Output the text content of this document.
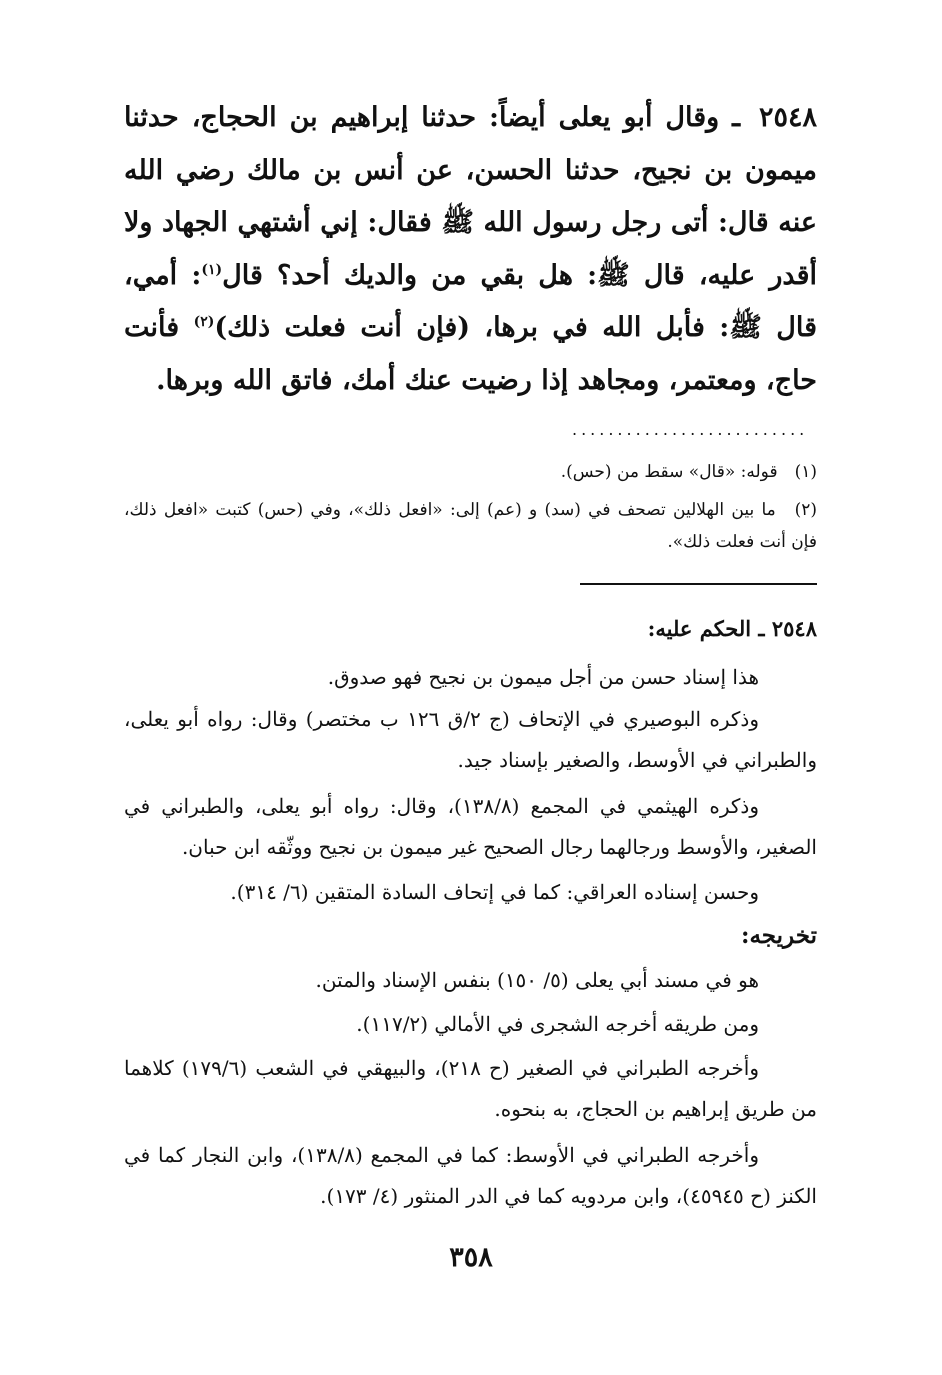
٢٥٤٨ ـ وقال أبو يعلى أيضاً: حدثنا إبراهيم بن الحجاج، حدثنا ميمون بن نجيح، حدثنا الحسن، عن أنس بن مالك رضي الله عنه قال: أتى رجل رسول الله ﷺ فقال: إني أشتهي الجهاد ولا أقدر عليه، قال ﷺ: هل بقي من والديك أحد؟ قال$^{(١)}$: أمي، قال ﷺ: فأبل الله في برها، (فإن أنت فعلت ذلك)$^{(٢)}$ فأنت حاج، ومعتمر، ومجاهد إذا رضيت عنك أمك، فاتق الله وبرها.
..........................
(١) قوله: «قال» سقط من (حس).
(٢) ما بين الهلالين تصحف في (سد) و (عم) إلى: «افعل ذلك»، وفي (حس) كتبت «افعل ذلك، فإن أنت فعلت ذلك».
٢٥٤٨ ـ الحكم عليه:
هذا إسناد حسن من أجل ميمون بن نجيح فهو صدوق.
وذكره البوصيري في الإتحاف (ج ٢/ق ١٢٦ ب مختصر) وقال: رواه أبو يعلى، والطبراني في الأوسط، والصغير بإسناد جيد.
وذكره الهيثمي في المجمع (١٣٨/٨)، وقال: رواه أبو يعلى، والطبراني في الصغير، والأوسط ورجالهما رجال الصحيح غير ميمون بن نجيح ووثّقه ابن حبان.
وحسن إسناده العراقي: كما في إتحاف السادة المتقين (٦/ ٣١٤).
تخريجه:
هو في مسند أبي يعلى (٥/ ١٥٠) بنفس الإسناد والمتن.
ومن طريقه أخرجه الشجرى في الأمالي (١١٧/٢).
وأخرجه الطبراني في الصغير (ح ٢١٨)، والبيهقي في الشعب (١٧٩/٦) كلاهما من طريق إبراهيم بن الحجاج، به بنحوه.
وأخرجه الطبراني في الأوسط: كما في المجمع (١٣٨/٨)، وابن النجار كما في الكنز (ح ٤٥٩٤٥)، وابن مردويه كما في الدر المنثور (٤/ ١٧٣).
٣٥٨
